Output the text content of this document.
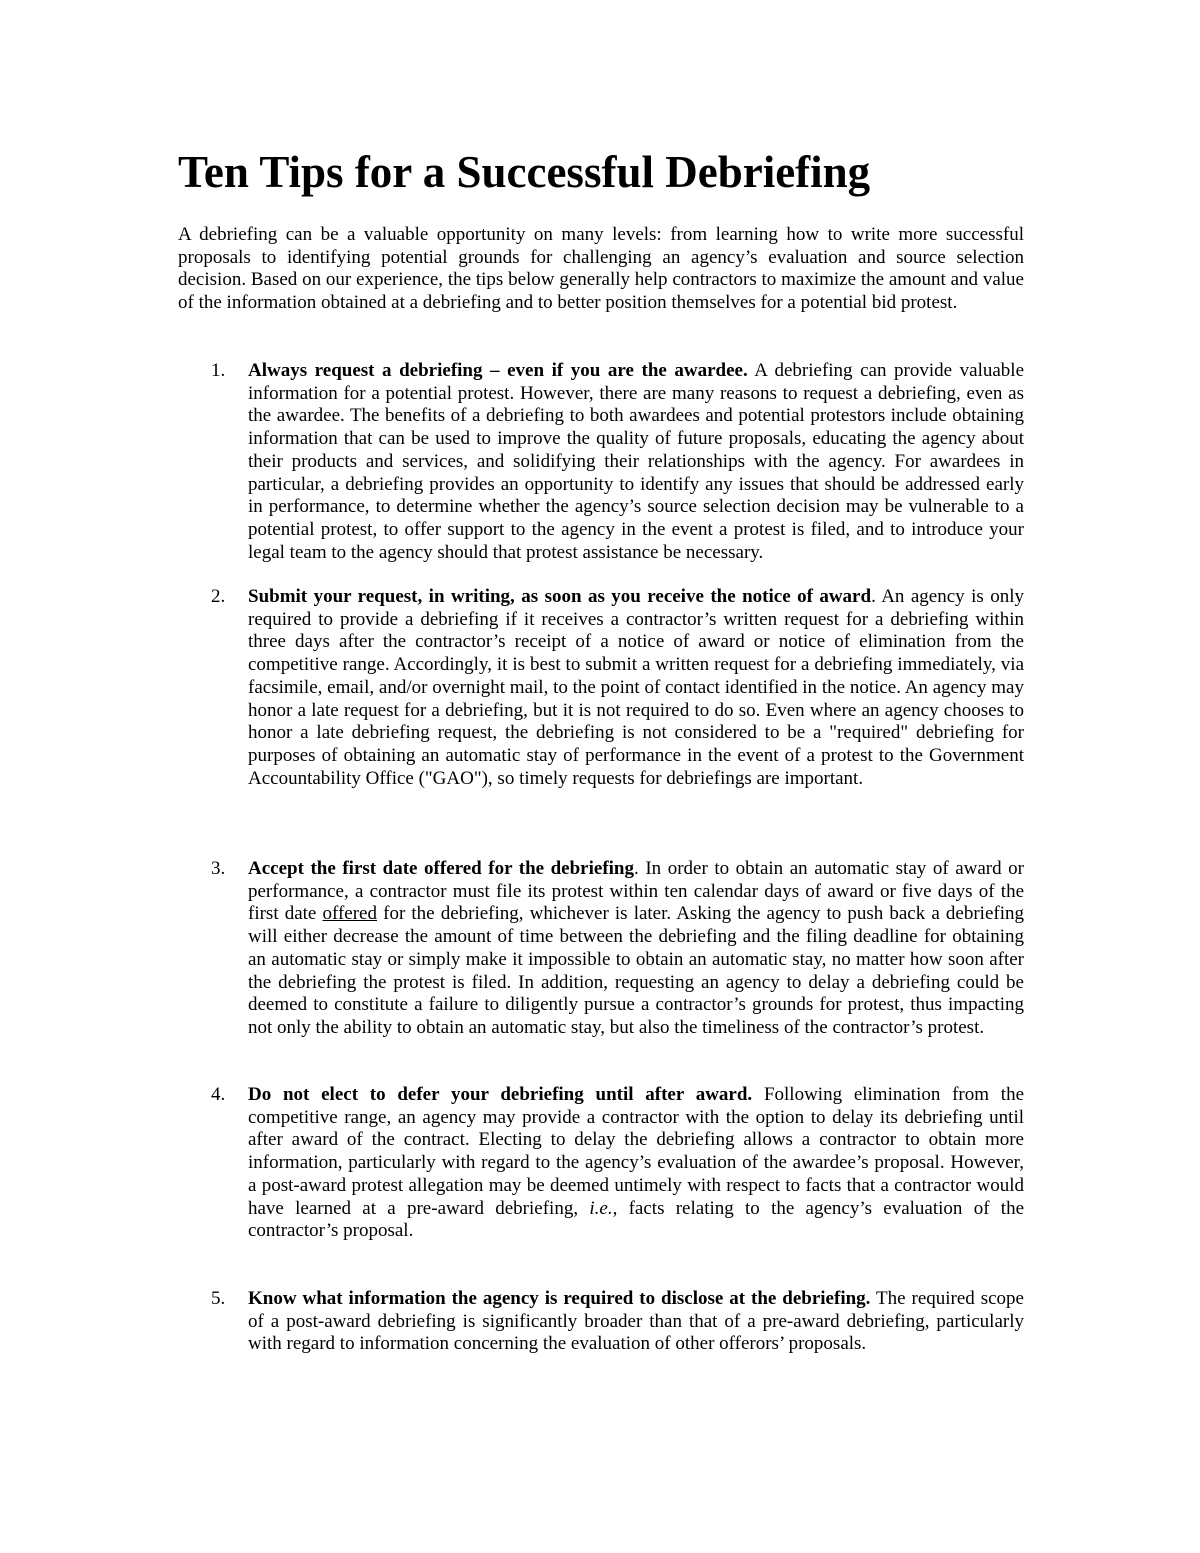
Ten Tips for a Successful Debriefing

A debriefing can be a valuable opportunity on many levels: from learning how to write more successful proposals to identifying potential grounds for challenging an agency’s evaluation and source selection decision. Based on our experience, the tips below generally help contractors to maximize the amount and value of the information obtained at a debriefing and to better position themselves for a potential bid protest.

1.	Always request a debriefing – even if you are the awardee. A debriefing can provide valuable information for a potential protest. However, there are many reasons to request a debriefing, even as the awardee. The benefits of a debriefing to both awardees and potential protestors include obtaining information that can be used to improve the quality of future proposals, educating the agency about their products and services, and solidifying their relationships with the agency. For awardees in particular, a debriefing provides an opportunity to identify any issues that should be addressed early in performance, to determine whether the agency’s source selection decision may be vulnerable to a potential protest, to offer support to the agency in the event a protest is filed, and to introduce your legal team to the agency should that protest assistance be necessary.
2.	Submit your request, in writing, as soon as you receive the notice of award. An agency is only required to provide a debriefing if it receives a contractor’s written request for a debriefing within three days after the contractor’s receipt of a notice of award or notice of elimination from the competitive range. Accordingly, it is best to submit a written request for a debriefing immediately, via facsimile, email, and/or overnight mail, to the point of contact identified in the notice. An agency may honor a late request for a debriefing, but it is not required to do so. Even where an agency chooses to honor a late debriefing request, the debriefing is not considered to be a "required" debriefing for purposes of obtaining an automatic stay of performance in the event of a protest to the Government Accountability Office ("GAO"), so timely requests for debriefings are important.
3.	Accept the first date offered for the debriefing. In order to obtain an automatic stay of award or performance, a contractor must file its protest within ten calendar days of award or five days of the first date offered for the debriefing, whichever is later. Asking the agency to push back a debriefing will either decrease the amount of time between the debriefing and the filing deadline for obtaining an automatic stay or simply make it impossible to obtain an automatic stay, no matter how soon after the debriefing the protest is filed. In addition, requesting an agency to delay a debriefing could be deemed to constitute a failure to diligently pursue a contractor’s grounds for protest, thus impacting not only the ability to obtain an automatic stay, but also the timeliness of the contractor’s protest.
4.	Do not elect to defer your debriefing until after award. Following elimination from the competitive range, an agency may provide a contractor with the option to delay its debriefing until after award of the contract. Electing to delay the debriefing allows a contractor to obtain more information, particularly with regard to the agency’s evaluation of the awardee’s proposal. However, a post-award protest allegation may be deemed untimely with respect to facts that a contractor would have learned at a pre-award debriefing, i.e., facts relating to the agency’s evaluation of the contractor’s proposal.
5.	Know what information the agency is required to disclose at the debriefing. The required scope of a post-award debriefing is significantly broader than that of a pre-award debriefing, particularly with regard to information concerning the evaluation of other offerors’ proposals.
